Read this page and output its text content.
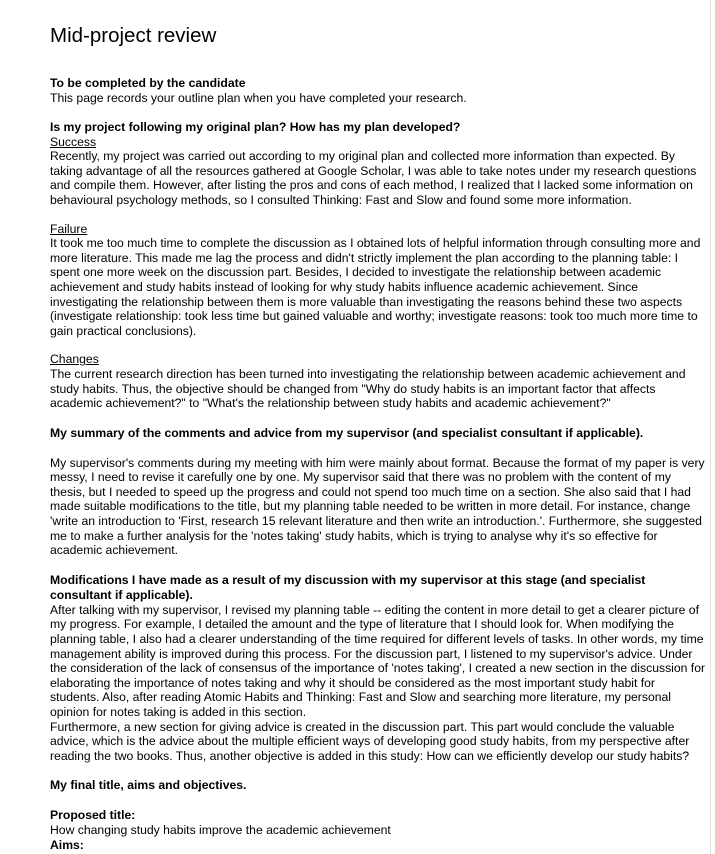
Mid-project review
To be completed by the candidate
This page records your outline plan when you have completed your research.
Is my project following my original plan? How has my plan developed?
Success
Recently, my project was carried out according to my original plan and collected more information than expected. By taking advantage of all the resources gathered at Google Scholar, I was able to take notes under my research questions and compile them. However, after listing the pros and cons of each method, I realized that I lacked some information on behavioural psychology methods, so I consulted Thinking: Fast and Slow and found some more information.
Failure
It took me too much time to complete the discussion as I obtained lots of helpful information through consulting more and more literature. This made me lag the process and didn't strictly implement the plan according to the planning table: I spent one more week on the discussion part. Besides, I decided to investigate the relationship between academic achievement and study habits instead of looking for why study habits influence academic achievement. Since investigating the relationship between them is more valuable than investigating the reasons behind these two aspects (investigate relationship: took less time but gained valuable and worthy; investigate reasons: took too much more time to gain practical conclusions).
Changes
The current research direction has been turned into investigating the relationship between academic achievement and study habits. Thus, the objective should be changed from "Why do study habits is an important factor that affects academic achievement?" to "What's the relationship between study habits and academic achievement?"
My summary of the comments and advice from my supervisor (and specialist consultant if applicable).
My supervisor's comments during my meeting with him were mainly about format. Because the format of my paper is very messy, I need to revise it carefully one by one. My supervisor said that there was no problem with the content of my thesis, but I needed to speed up the progress and could not spend too much time on a section. She also said that I had made suitable modifications to the title, but my planning table needed to be written in more detail. For instance, change 'write an introduction to 'First, research 15 relevant literature and then write an introduction.'. Furthermore, she suggested me to make a further analysis for the 'notes taking' study habits, which is trying to analyse why it's so effective for academic achievement.
Modifications I have made as a result of my discussion with my supervisor at this stage (and specialist consultant if applicable).
After talking with my supervisor, I revised my planning table -- editing the content in more detail to get a clearer picture of my progress. For example, I detailed the amount and the type of literature that I should look for. When modifying the planning table, I also had a clearer understanding of the time required for different levels of tasks. In other words, my time management ability is improved during this process. For the discussion part, I listened to my supervisor's advice. Under the consideration of the lack of consensus of the importance of 'notes taking', I created a new section in the discussion for elaborating the importance of notes taking and why it should be considered as the most important study habit for students. Also, after reading Atomic Habits and Thinking: Fast and Slow and searching more literature, my personal opinion for notes taking is added in this section.
Furthermore, a new section for giving advice is created in the discussion part. This part would conclude the valuable advice, which is the advice about the multiple efficient ways of developing good study habits, from my perspective after reading the two books. Thus, another objective is added in this study: How can we efficiently develop our study habits?
My final title, aims and objectives.
Proposed title:
How changing study habits improve the academic achievement
Aims:
